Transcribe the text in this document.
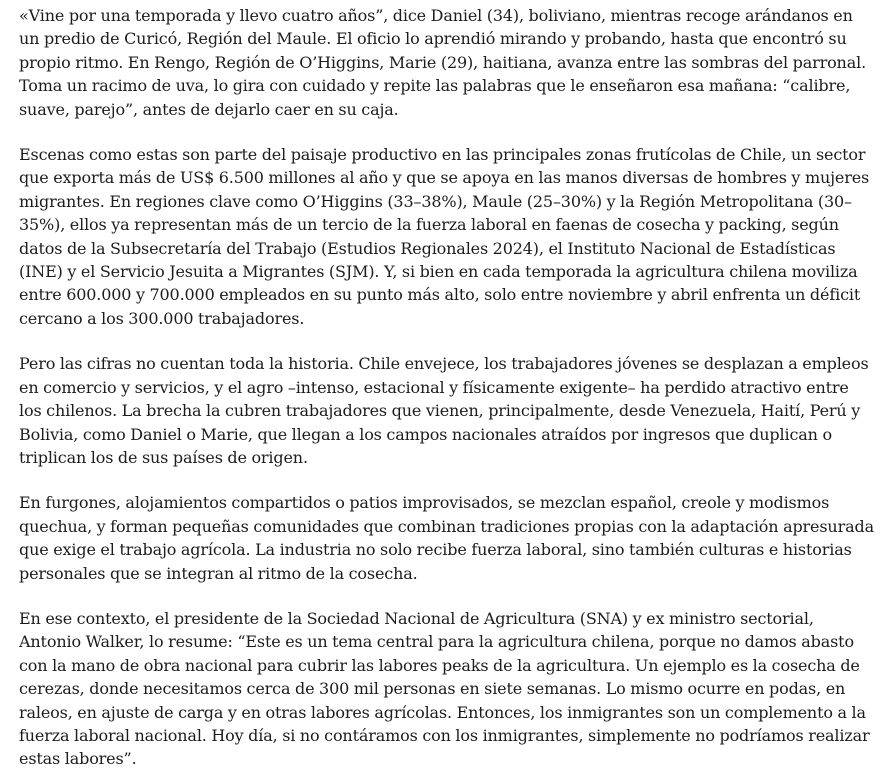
«Vine por una temporada y llevo cuatro años”, dice Daniel (34), boliviano, mientras recoge arándanos en un predio de Curicó, Región del Maule. El oficio lo aprendió mirando y probando, hasta que encontró su propio ritmo. En Rengo, Región de O’Higgins, Marie (29), haitiana, avanza entre las sombras del parronal. Toma un racimo de uva, lo gira con cuidado y repite las palabras que le enseñaron esa mañana: “calibre, suave, parejo”, antes de dejarlo caer en su caja.

Escenas como estas son parte del paisaje productivo en las principales zonas frutícolas de Chile, un sector que exporta más de US$ 6.500 millones al año y que se apoya en las manos diversas de hombres y mujeres migrantes. En regiones clave como O’Higgins (33–38%), Maule (25–30%) y la Región Metropolitana (30–35%), ellos ya representan más de un tercio de la fuerza laboral en faenas de cosecha y packing, según datos de la Subsecretaría del Trabajo (Estudios Regionales 2024), el Instituto Nacional de Estadísticas (INE) y el Servicio Jesuita a Migrantes (SJM). Y, si bien en cada temporada la agricultura chilena moviliza entre 600.000 y 700.000 empleados en su punto más alto, solo entre noviembre y abril enfrenta un déficit cercano a los 300.000 trabajadores.

Pero las cifras no cuentan toda la historia. Chile envejece, los trabajadores jóvenes se desplazan a empleos en comercio y servicios, y el agro –intenso, estacional y físicamente exigente– ha perdido atractivo entre los chilenos. La brecha la cubren trabajadores que vienen, principalmente, desde Venezuela, Haití, Perú y Bolivia, como Daniel o Marie, que llegan a los campos nacionales atraídos por ingresos que duplican o triplican los de sus países de origen.

En furgones, alojamientos compartidos o patios improvisados, se mezclan español, creole y modismos quechua, y forman pequeñas comunidades que combinan tradiciones propias con la adaptación apresurada que exige el trabajo agrícola. La industria no solo recibe fuerza laboral, sino también culturas e historias personales que se integran al ritmo de la cosecha.

En ese contexto, el presidente de la Sociedad Nacional de Agricultura (SNA) y ex ministro sectorial, Antonio Walker, lo resume: “Este es un tema central para la agricultura chilena, porque no damos abasto con la mano de obra nacional para cubrir las labores peaks de la agricultura. Un ejemplo es la cosecha de cerezas, donde necesitamos cerca de 300 mil personas en siete semanas. Lo mismo ocurre en podas, en raleos, en ajuste de carga y en otras labores agrícolas. Entonces, los inmigrantes son un complemento a la fuerza laboral nacional. Hoy día, si no contáramos con los inmigrantes, simplemente no podríamos realizar estas labores”.
